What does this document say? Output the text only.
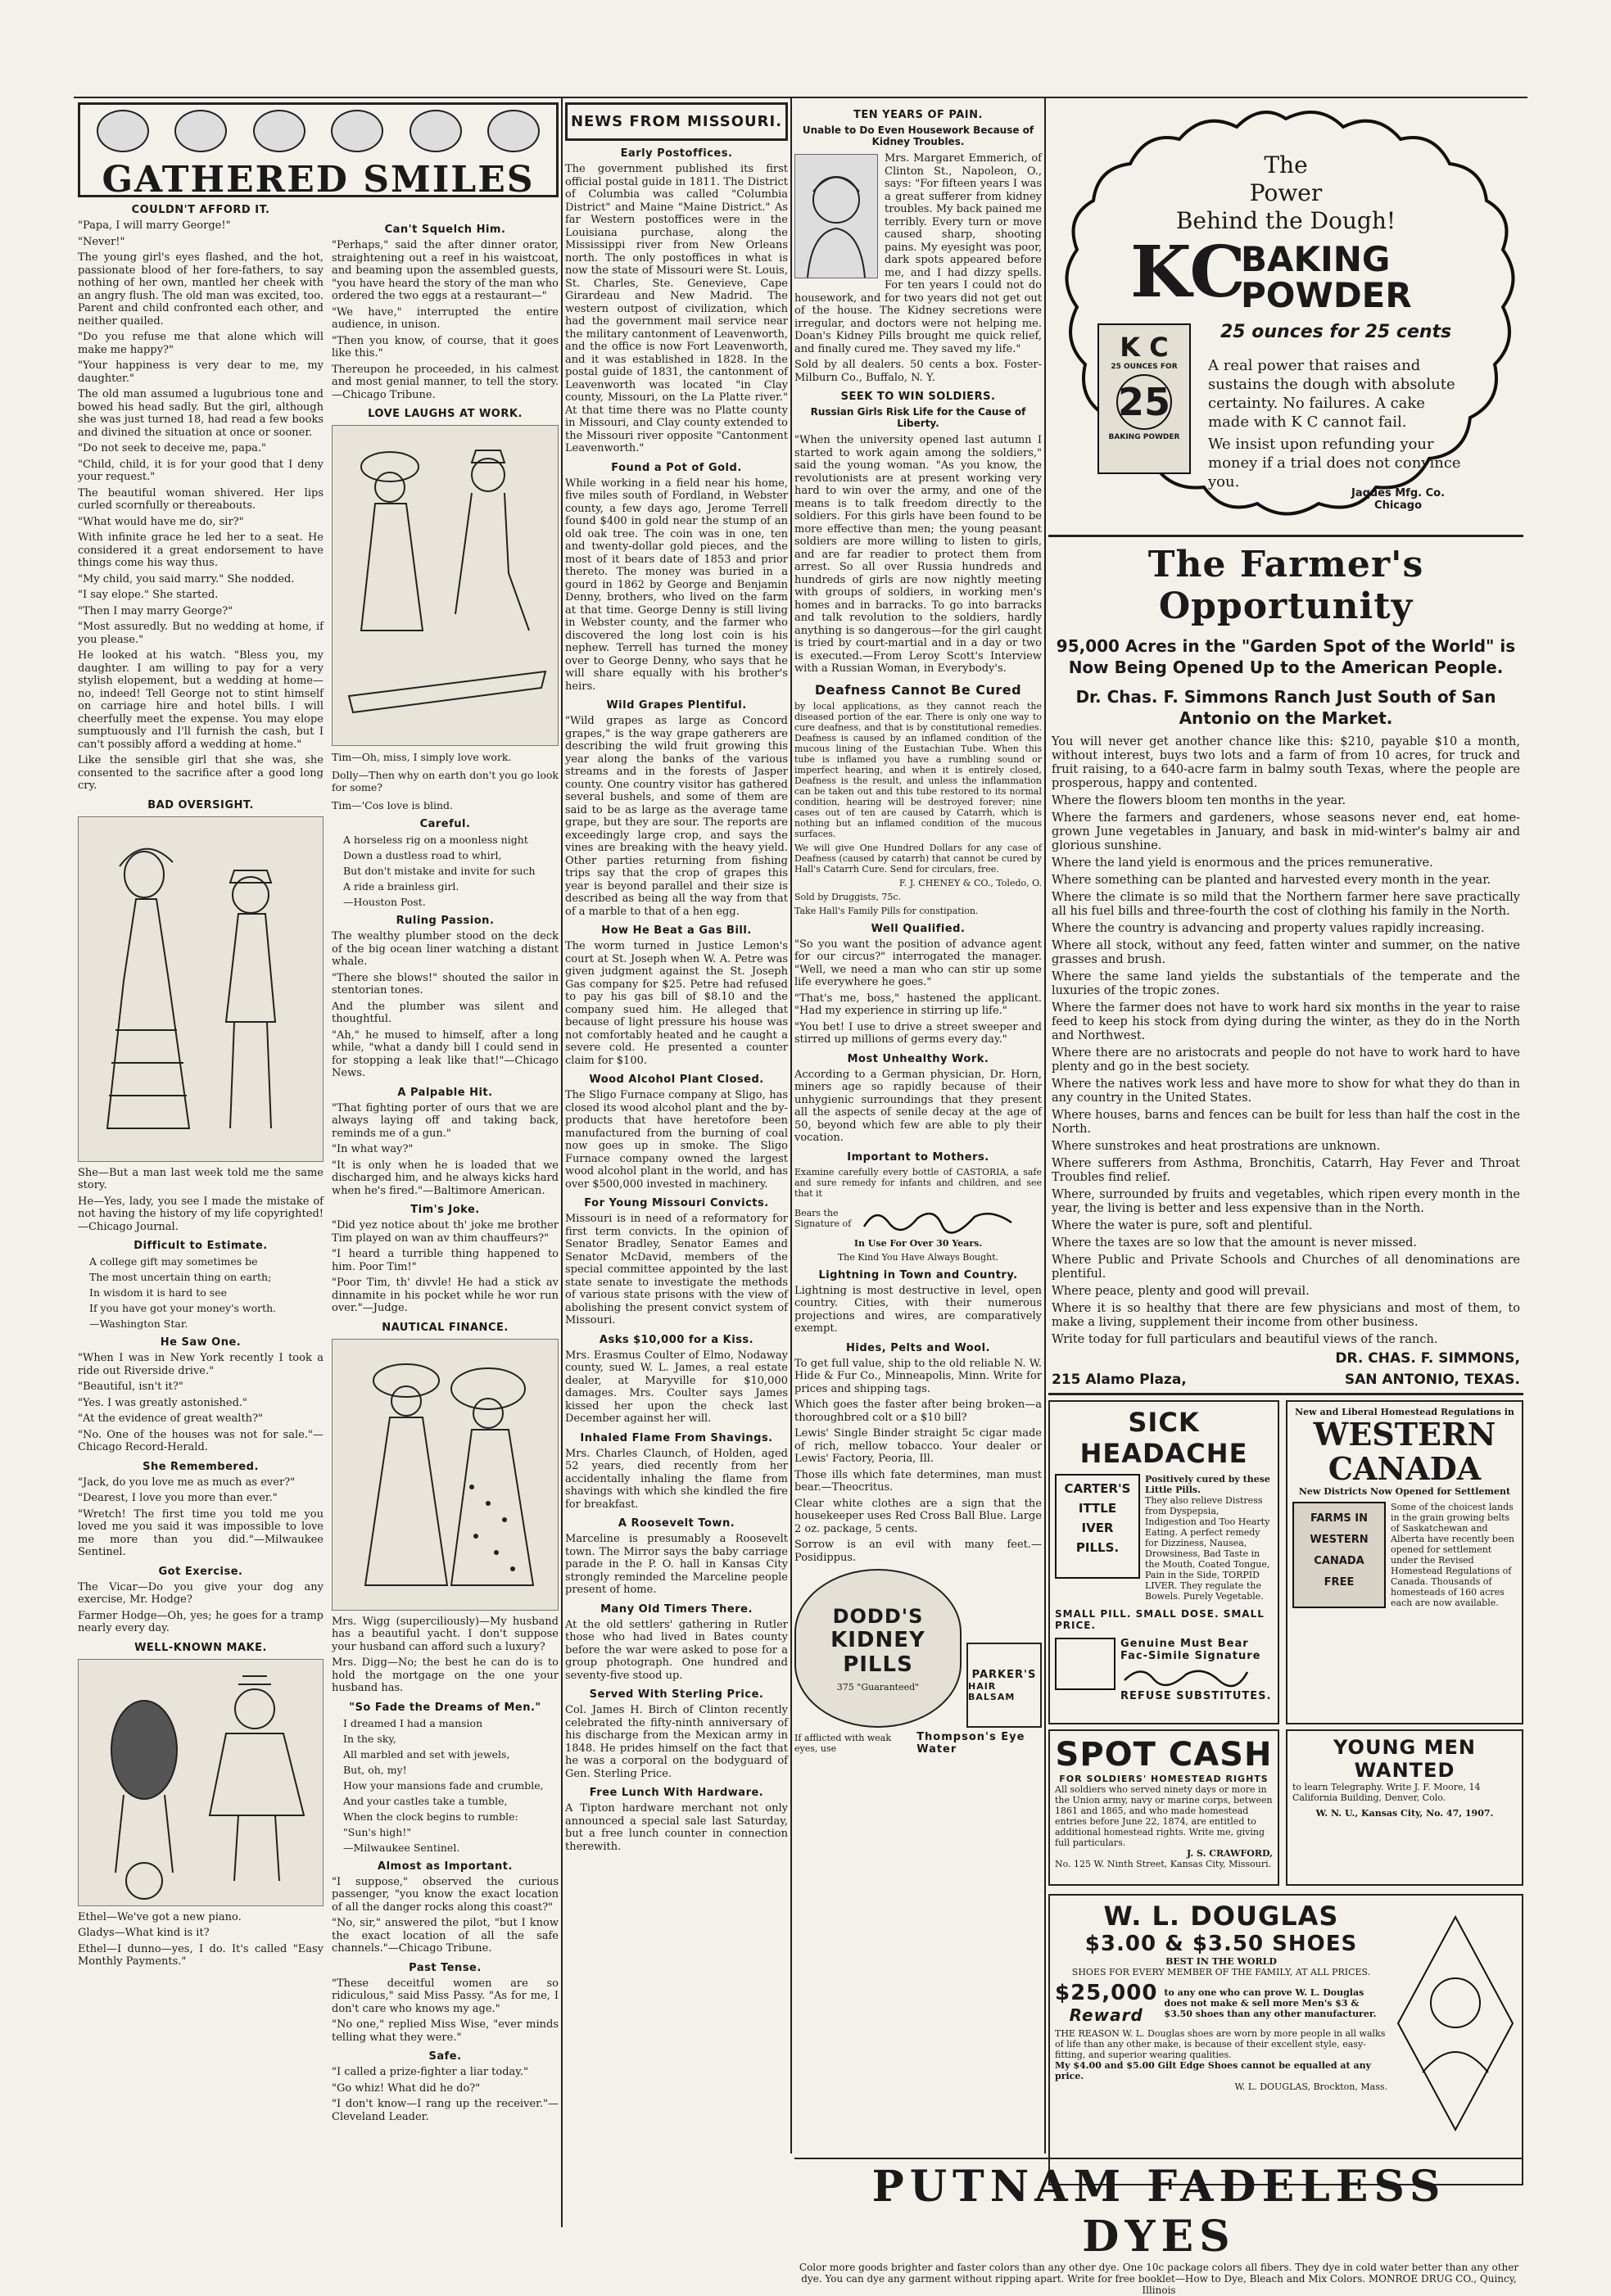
GATHERED SMILES
COULDN'T AFFORD IT.

"Papa, I will marry George!"

"Never!"

The young girl's eyes flashed, and the hot, passionate blood of her fore-fathers, to say nothing of her own, mantled her cheek with an angry flush. The old man was excited, too. Parent and child confronted each other, and neither quailed.

"Do you refuse me that alone which will make me happy?"

"Your happiness is very dear to me, my daughter."

The old man assumed a lugubrious tone and bowed his head sadly. But the girl, although she was just turned 18, had read a few books and divined the situation at once or sooner.

"Do not seek to deceive me, papa."

"Child, child, it is for your good that I deny your request."

The beautiful woman shivered. Her lips curled scornfully or thereabouts.

"What would have me do, sir?"

With infinite grace he led her to a seat. He considered it a great endorsement to have things come his way thus.

"My child, you said marry." She nodded.

"I say elope." She started.

"Then I may marry George?"

"Most assuredly. But no wedding at home, if you please."

He looked at his watch. "Bless you, my daughter. I am willing to pay for a very stylish elopement, but a wedding at home—no, indeed! Tell George not to stint himself on carriage hire and hotel bills. I will cheerfully meet the expense. You may elope sumptuously and I'll furnish the cash, but I can't possibly afford a wedding at home."

Like the sensible girl that she was, she consented to the sacrifice after a good long cry.

BAD OVERSIGHT.

She—But a man last week told me the same story.

He—Yes, lady, you see I made the mistake of not having the history of my life copyrighted!—Chicago Journal.

Difficult to Estimate.

A college gift may sometimes be

The most uncertain thing on earth;

In wisdom it is hard to see

If you have got your money's worth.

—Washington Star.

He Saw One.

"When I was in New York recently I took a ride out Riverside drive."

"Beautiful, isn't it?"

"Yes. I was greatly astonished."

"At the evidence of great wealth?"

"No. One of the houses was not for sale."—Chicago Record-Herald.

She Remembered.

"Jack, do you love me as much as ever?"

"Dearest, I love you more than ever."

"Wretch! The first time you told me you loved me you said it was impossible to love me more than you did."—Milwaukee Sentinel.

Got Exercise.

The Vicar—Do you give your dog any exercise, Mr. Hodge?

Farmer Hodge—Oh, yes; he goes for a tramp nearly every day.

WELL-KNOWN MAKE.

Ethel—We've got a new piano.

Gladys—What kind is it?

Ethel—I dunno—yes, I do. It's called "Easy Monthly Payments."

Can't Squelch Him.

"Perhaps," said the after dinner orator, straightening out a reef in his waistcoat, and beaming upon the assembled guests, "you have heard the story of the man who ordered the two eggs at a restaurant—"

"We have," interrupted the entire audience, in unison.

"Then you know, of course, that it goes like this."

Thereupon he proceeded, in his calmest and most genial manner, to tell the story.—Chicago Tribune.

LOVE LAUGHS AT WORK.

Tim—Oh, miss, I simply love work.

Dolly—Then why on earth don't you go look for some?

Tim—'Cos love is blind.

Careful.

A horseless rig on a moonless night

Down a dustless road to whirl,

But don't mistake and invite for such

A ride a brainless girl.

—Houston Post.

Ruling Passion.

The wealthy plumber stood on the deck of the big ocean liner watching a distant whale.

"There she blows!" shouted the sailor in stentorian tones.

And the plumber was silent and thoughtful.

"Ah," he mused to himself, after a long while, "what a dandy bill I could send in for stopping a leak like that!"—Chicago News.

A Palpable Hit.

"That fighting porter of ours that we are always laying off and taking back, reminds me of a gun."

"In what way?"

"It is only when he is loaded that we discharged him, and he always kicks hard when he's fired."—Baltimore American.

Tim's Joke.

"Did yez notice about th' joke me brother Tim played on wan av thim chauffeurs?"

"I heard a turrible thing happened to him. Poor Tim!"

"Poor Tim, th' divvle! He had a stick av dinnamite in his pocket while he wor run over."—Judge.

NAUTICAL FINANCE.

Mrs. Wigg (superciliously)—My husband has a beautiful yacht. I don't suppose your husband can afford such a luxury?

Mrs. Digg—No; the best he can do is to hold the mortgage on the one your husband has.

"So Fade the Dreams of Men."

I dreamed I had a mansion

In the sky,

All marbled and set with jewels,

But, oh, my!

How your mansions fade and crumble,

And your castles take a tumble,

When the clock begins to rumble:

"Sun's high!"

—Milwaukee Sentinel.

Almost as Important.

"I suppose," observed the curious passenger, "you know the exact location of all the danger rocks along this coast?"

"No, sir," answered the pilot, "but I know the exact location of all the safe channels."—Chicago Tribune.

Past Tense.

"These deceitful women are so ridiculous," said Miss Passy. "As for me, I don't care who knows my age."

"No one," replied Miss Wise, "ever minds telling what they were."

Safe.

"I called a prize-fighter a liar today."

"Go whiz! What did he do?"

"I don't know—I rang up the receiver."—Cleveland Leader.

NEWS FROM MISSOURI.
Early Postoffices.

The government published its first official postal guide in 1811. The District of Columbia was called "Columbia District" and Maine "Maine District." As far Western postoffices were in the Louisiana purchase, along the Mississippi river from New Orleans north. The only postoffices in what is now the state of Missouri were St. Louis, St. Charles, Ste. Genevieve, Cape Girardeau and New Madrid. The western outpost of civilization, which had the government mail service near the military cantonment of Leavenworth, and the office is now Fort Leavenworth, and it was established in 1828. In the postal guide of 1831, the cantonment of Leavenworth was located "in Clay county, Missouri, on the La Platte river." At that time there was no Platte county in Missouri, and Clay county extended to the Missouri river opposite "Cantonment Leavenworth."

Found a Pot of Gold.

While working in a field near his home, five miles south of Fordland, in Webster county, a few days ago, Jerome Terrell found $400 in gold near the stump of an old oak tree. The coin was in one, ten and twenty-dollar gold pieces, and the most of it bears date of 1853 and prior thereto. The money was buried in a gourd in 1862 by George and Benjamin Denny, brothers, who lived on the farm at that time. George Denny is still living in Webster county, and the farmer who discovered the long lost coin is his nephew. Terrell has turned the money over to George Denny, who says that he will share equally with his brother's heirs.

Wild Grapes Plentiful.

"Wild grapes as large as Concord grapes," is the way grape gatherers are describing the wild fruit growing this year along the banks of the various streams and in the forests of Jasper county. One country visitor has gathered several bushels, and some of them are said to be as large as the average tame grape, but they are sour. The reports are exceedingly large crop, and says the vines are breaking with the heavy yield. Other parties returning from fishing trips say that the crop of grapes this year is beyond parallel and their size is described as being all the way from that of a marble to that of a hen egg.

How He Beat a Gas Bill.

The worm turned in Justice Lemon's court at St. Joseph when W. A. Petre was given judgment against the St. Joseph Gas company for $25. Petre had refused to pay his gas bill of $8.10 and the company sued him. He alleged that because of light pressure his house was not comfortably heated and he caught a severe cold. He presented a counter claim for $100.

Wood Alcohol Plant Closed.

The Sligo Furnace company at Sligo, has closed its wood alcohol plant and the by-products that have heretofore been manufactured from the burning of coal now goes up in smoke. The Sligo Furnace company owned the largest wood alcohol plant in the world, and has over $500,000 invested in machinery.

For Young Missouri Convicts.

Missouri is in need of a reformatory for first term convicts. In the opinion of Senator Bradley, Senator Eames and Senator McDavid, members of the special committee appointed by the last state senate to investigate the methods of various state prisons with the view of abolishing the present convict system of Missouri.

Asks $10,000 for a Kiss.

Mrs. Erasmus Coulter of Elmo, Nodaway county, sued W. L. James, a real estate dealer, at Maryville for $10,000 damages. Mrs. Coulter says James kissed her upon the check last December against her will.

Inhaled Flame From Shavings.

Mrs. Charles Claunch, of Holden, aged 52 years, died recently from her accidentally inhaling the flame from shavings with which she kindled the fire for breakfast.

A Roosevelt Town.

Marceline is presumably a Roosevelt town. The Mirror says the baby carriage parade in the P. O. hall in Kansas City strongly reminded the Marceline people present of home.

Many Old Timers There.

At the old settlers' gathering in Rutler those who had lived in Bates county before the war were asked to pose for a group photograph. One hundred and seventy-five stood up.

Served With Sterling Price.

Col. James H. Birch of Clinton recently celebrated the fifty-ninth anniversary of his discharge from the Mexican army in 1848. He prides himself on the fact that he was a corporal on the bodyguard of Gen. Sterling Price.

Free Lunch With Hardware.

A Tipton hardware merchant not only announced a special sale last Saturday, but a free lunch counter in connection therewith.

TEN YEARS OF PAIN.
Unable to Do Even Housework Because of Kidney Troubles.

Mrs. Margaret Emmerich, of Clinton St., Napoleon, O., says: "For fifteen years I was a great sufferer from kidney troubles. My back pained me terribly. Every turn or move caused sharp, shooting pains. My eyesight was poor, dark spots appeared before me, and I had dizzy spells. For ten years I could not do housework, and for two years did not get out of the house. The Kidney secretions were irregular, and doctors were not helping me. Doan's Kidney Pills brought me quick relief, and finally cured me. They saved my life."

Sold by all dealers. 50 cents a box. Foster-Milburn Co., Buffalo, N. Y.

SEEK TO WIN SOLDIERS.
Russian Girls Risk Life for the Cause of Liberty.

"When the university opened last autumn I started to work again among the soldiers," said the young woman. "As you know, the revolutionists are at present working very hard to win over the army, and one of the means is to talk freedom directly to the soldiers. For this girls have been found to be more effective than men; the young peasant soldiers are more willing to listen to girls, and are far readier to protect them from arrest. So all over Russia hundreds and hundreds of girls are now nightly meeting with groups of soldiers, in working men's homes and in barracks. To go into barracks and talk revolution to the soldiers, hardly anything is so dangerous—for the girl caught is tried by court-martial and in a day or two is executed.—From Leroy Scott's Interview with a Russian Woman, in Everybody's.

Deafness Cannot Be Cured

by local applications, as they cannot reach the diseased portion of the ear. There is only one way to cure deafness, and that is by constitutional remedies. Deafness is caused by an inflamed condition of the mucous lining of the Eustachian Tube. When this tube is inflamed you have a rumbling sound or imperfect hearing, and when it is entirely closed, Deafness is the result, and unless the inflammation can be taken out and this tube restored to its normal condition, hearing will be destroyed forever; nine cases out of ten are caused by Catarrh, which is nothing but an inflamed condition of the mucous surfaces.

We will give One Hundred Dollars for any case of Deafness (caused by catarrh) that cannot be cured by Hall's Catarrh Cure. Send for circulars, free.

F. J. CHENEY & CO., Toledo, O.

Sold by Druggists, 75c.

Take Hall's Family Pills for constipation.

Well Qualified.

"So you want the position of advance agent for our circus?" interrogated the manager. "Well, we need a man who can stir up some life everywhere he goes."

"That's me, boss," hastened the applicant. "Had my experience in stirring up life."

"You bet! I use to drive a street sweeper and stirred up millions of germs every day."

Most Unhealthy Work.

According to a German physician, Dr. Horn, miners age so rapidly because of their unhygienic surroundings that they present all the aspects of senile decay at the age of 50, beyond which few are able to ply their vocation.

Important to Mothers.

Examine carefully every bottle of CASTORIA, a safe and sure remedy for infants and children, and see that it

Bears the Signature of

In Use For Over 30 Years.

The Kind You Have Always Bought.

Lightning in Town and Country.

Lightning is most destructive in level, open country. Cities, with their numerous projections and wires, are comparatively exempt.

Hides, Pelts and Wool.

To get full value, ship to the old reliable N. W. Hide & Fur Co., Minneapolis, Minn. Write for prices and shipping tags.

Which goes the faster after being broken—a thoroughbred colt or a $10 bill?

Lewis' Single Binder straight 5c cigar made of rich, mellow tobacco. Your dealer or Lewis' Factory, Peoria, Ill.

Those ills which fate determines, man must bear.—Theocritus.

Clear white clothes are a sign that the housekeeper uses Red Cross Ball Blue. Large 2 oz. package, 5 cents.

Sorrow is an evil with many feet.—Posidippus.

DODD'S
KIDNEY
PILLS
375 "Guaranteed"
PARKER'S
HAIR BALSAM
If afflicted with weak eyes, use
Thompson's Eye Water
The
Power
Behind the Dough!
KC
BAKING
POWDER
25 ounces for 25 cents
K C
25 OUNCES FOR
25
BAKING POWDER
A real power that raises and sustains the dough with absolute certainty. No failures. A cake made with K C cannot fail.
We insist upon refunding your money if a trial does not convince you.
Jaques Mfg. Co.
Chicago
The Farmer's Opportunity
95,000 Acres in the "Garden Spot of the World" is Now Being Opened Up to the American People.
Dr. Chas. F. Simmons Ranch Just South of San Antonio on the Market.

You will never get another chance like this: $210, payable $10 a month, without interest, buys two lots and a farm of from 10 acres, for truck and fruit raising, to a 640-acre farm in balmy south Texas, where the people are prosperous, happy and contented.

Where the flowers bloom ten months in the year.

Where the farmers and gardeners, whose seasons never end, eat home-grown June vegetables in January, and bask in mid-winter's balmy air and glorious sunshine.

Where the land yield is enormous and the prices remunerative.

Where something can be planted and harvested every month in the year.

Where the climate is so mild that the Northern farmer here save practically all his fuel bills and three-fourth the cost of clothing his family in the North.

Where the country is advancing and property values rapidly increasing.

Where all stock, without any feed, fatten winter and summer, on the native grasses and brush.

Where the same land yields the substantials of the temperate and the luxuries of the tropic zones.

Where the farmer does not have to work hard six months in the year to raise feed to keep his stock from dying during the winter, as they do in the North and Northwest.

Where there are no aristocrats and people do not have to work hard to have plenty and go in the best society.

Where the natives work less and have more to show for what they do than in any country in the United States.

Where houses, barns and fences can be built for less than half the cost in the North.

Where sunstrokes and heat prostrations are unknown.

Where sufferers from Asthma, Bronchitis, Catarrh, Hay Fever and Throat Troubles find relief.

Where, surrounded by fruits and vegetables, which ripen every month in the year, the living is better and less expensive than in the North.

Where the water is pure, soft and plentiful.

Where the taxes are so low that the amount is never missed.

Where Public and Private Schools and Churches of all denominations are plentiful.

Where peace, plenty and good will prevail.

Where it is so healthy that there are few physicians and most of them, to make a living, supplement their income from other business.

Write today for full particulars and beautiful views of the ranch.

DR. CHAS. F. SIMMONS,
215 Alamo Plaza,	SAN ANTONIO, TEXAS.
SICK HEADACHE
CARTER'S
ITTLE
IVER
PILLS.
Positively cured by these Little Pills.
They also relieve Distress from Dyspepsia, Indigestion and Too Hearty Eating. A perfect remedy for Dizziness, Nausea, Drowsiness, Bad Taste in the Mouth, Coated Tongue, Pain in the Side, TORPID LIVER. They regulate the Bowels. Purely Vegetable.
SMALL PILL. SMALL DOSE. SMALL PRICE.
Genuine Must Bear
Fac-Simile Signature
REFUSE SUBSTITUTES.
SPOT CASH
FOR SOLDIERS' HOMESTEAD RIGHTS
All soldiers who served ninety days or more in the Union army, navy or marine corps, between 1861 and 1865, and who made homestead entries before June 22, 1874, are entitled to additional homestead rights. Write me, giving full particulars.
J. S. CRAWFORD,
No. 125 W. Ninth Street, Kansas City, Missouri.
New and Liberal Homestead Regulations in
WESTERN
CANADA
New Districts Now Opened for Settlement
FARMS IN
WESTERN
CANADA
FREE
Some of the choicest lands in the grain growing belts of Saskatchewan and Alberta have recently been opened for settlement under the Revised Homestead Regulations of Canada. Thousands of homesteads of 160 acres each are now available.
YOUNG MEN WANTED
to learn Telegraphy. Write J. F. Moore, 14 California Building, Denver, Colo.
W. N. U., Kansas City, No. 47, 1907.
W. L. DOUGLAS
$3.00 & $3.50 SHOES
BEST IN THE WORLD
SHOES FOR EVERY MEMBER OF THE FAMILY, AT ALL PRICES.
$25,000
Reward
to any one who can prove W. L. Douglas does not make & sell more Men's $3 & $3.50 shoes than any other manufacturer.
THE REASON W. L. Douglas shoes are worn by more people in all walks of life than any other make, is because of their excellent style, easy-fitting, and superior wearing qualities.
My $4.00 and $5.00 Gilt Edge Shoes cannot be equalled at any price.
W. L. DOUGLAS, Brockton, Mass.
PUTNAM FADELESS DYES
Color more goods brighter and faster colors than any other dye. One 10c package colors all fibers. They dye in cold water better than any other dye. You can dye any garment without ripping apart. Write for free booklet—How to Dye, Bleach and Mix Colors. MONROE DRUG CO., Quincy, Illinois
